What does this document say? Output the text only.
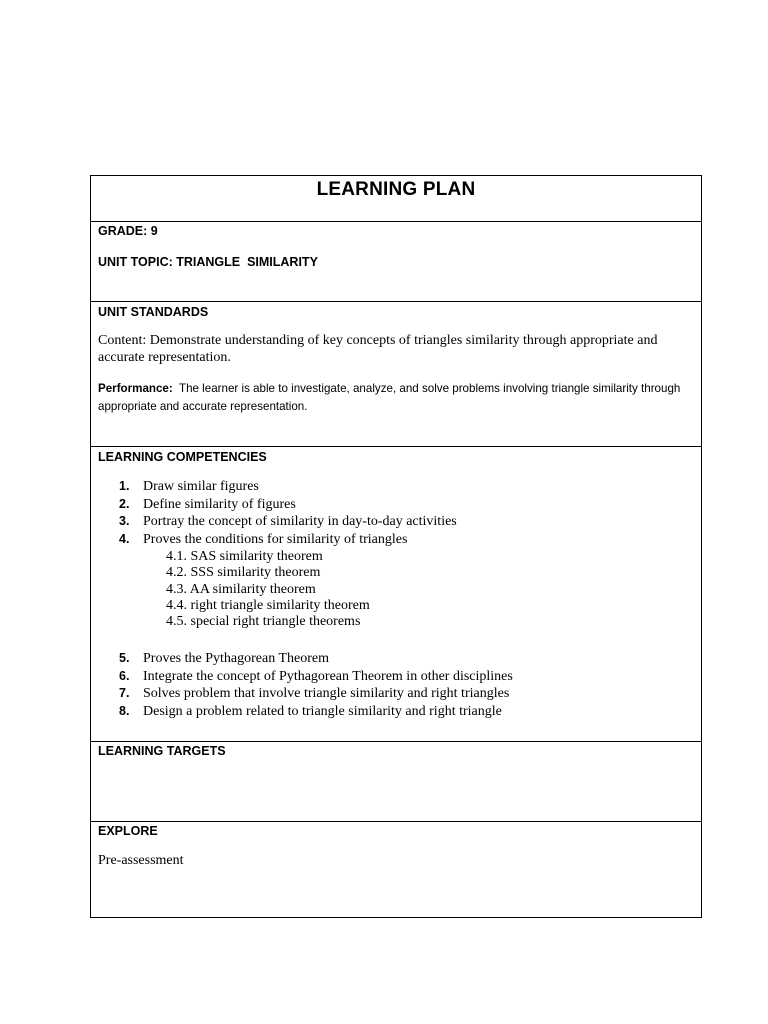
LEARNING PLAN
GRADE: 9
UNIT TOPIC: TRIANGLE  SIMILARITY
UNIT STANDARDS
Content: Demonstrate understanding of key concepts of triangles similarity through appropriate and accurate representation.
Performance:  The learner is able to investigate, analyze, and solve problems involving triangle similarity through appropriate and accurate representation.
LEARNING COMPETENCIES
1. Draw similar figures
2. Define similarity of figures
3. Portray the concept of similarity in day-to-day activities
4. Proves the conditions for similarity of triangles
4.1. SAS similarity theorem
4.2. SSS similarity theorem
4.3. AA similarity theorem
4.4. right triangle similarity theorem
4.5. special right triangle theorems
5. Proves the Pythagorean Theorem
6. Integrate the concept of Pythagorean Theorem in other disciplines
7. Solves problem that involve triangle similarity and right triangles
8. Design a problem related to triangle similarity and right triangle
LEARNING TARGETS
EXPLORE
Pre-assessment
